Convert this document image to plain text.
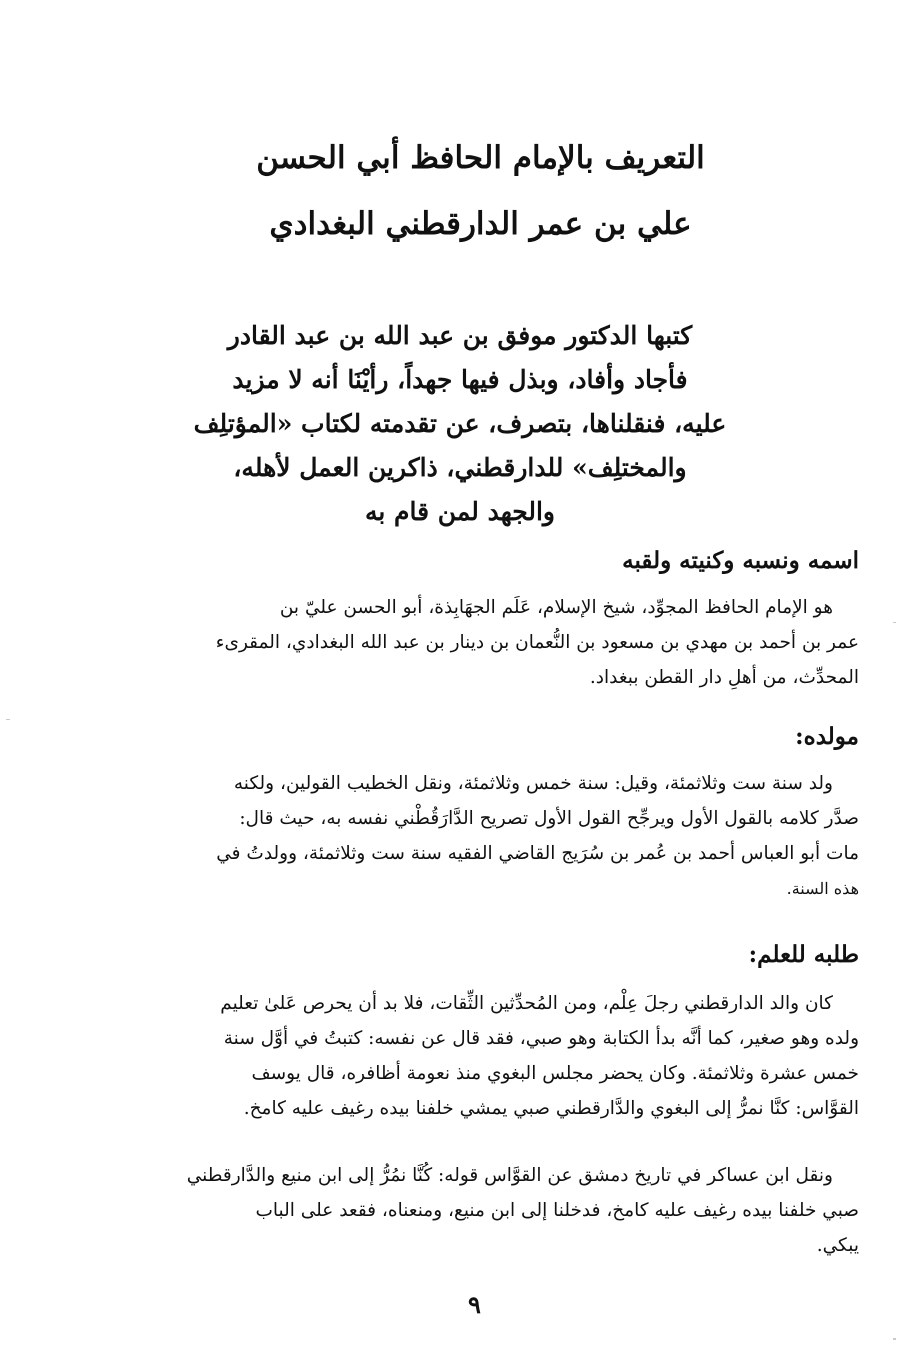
التعريف بالإمام الحافظ أبي الحسن
علي بن عمر الدارقطني البغدادي
كتبها الدكتور موفق بن عبد الله بن عبد القادر
فأجاد وأفاد، وبذل فيها جهداً، رأيْنَا أنه لا مزيد
عليه، فنقلناها، بتصرف، عن تقدمته لكتاب «المؤتلِف
والمختلِف» للدارقطني، ذاكرين العمل لأهله،
والجهد لمن قام به
اسمه ونسبه وكنيته ولقبه
هو الإمام الحافظ المجوِّد، شيخ الإسلام، عَلَم الجهَابِذة، أبو الحسن عليّ بن
عمر بن أحمد بن مهدي بن مسعود بن النُّعمان بن دينار بن عبد الله البغدادي، المقرىء
المحدِّث، من أهلِ دار القطن ببغداد.
مولده:
ولد سنة ست وثلاثمئة، وقيل: سنة خمس وثلاثمئة، ونقل الخطيب القولين، ولكنه
صدَّر كلامه بالقول الأول ويرجِّح القول الأول تصريح الدَّارَقُطْني نفسه به، حيث قال:
مات أبو العباس أحمد بن عُمر بن سُرَيج القاضي الفقيه سنة ست وثلاثمئة، وولدتُ في
هذه السنة.
طلبه للعلم:
كان والد الدارقطني رجلَ عِلْم، ومن المُحدِّثين الثِّقات، فلا بد أن يحرص عَلىٰ تعليم
ولده وهو صغير، كما أنَّه بدأ الكتابة وهو صبي، فقد قال عن نفسه: كتبتُ في أوَّل سنة
خمس عشرة وثلاثمئة. وكان يحضر مجلس البغوي منذ نعومة أظافره، قال يوسف
القوَّاس: كنَّا نمرُّ إلى البغوي والدَّارقطني صبي يمشي خلفنا بيده رغيف عليه كامخ.
ونقل ابن عساكر في تاريخ دمشق عن القوَّاس قوله: كُنَّا نمُرُّ إلى ابن منيع والدَّارقطني
صبي خلفنا بيده رغيف عليه كامخ، فدخلنا إلى ابن منيع، ومنعناه، فقعد على الباب
يبكي.
٩
